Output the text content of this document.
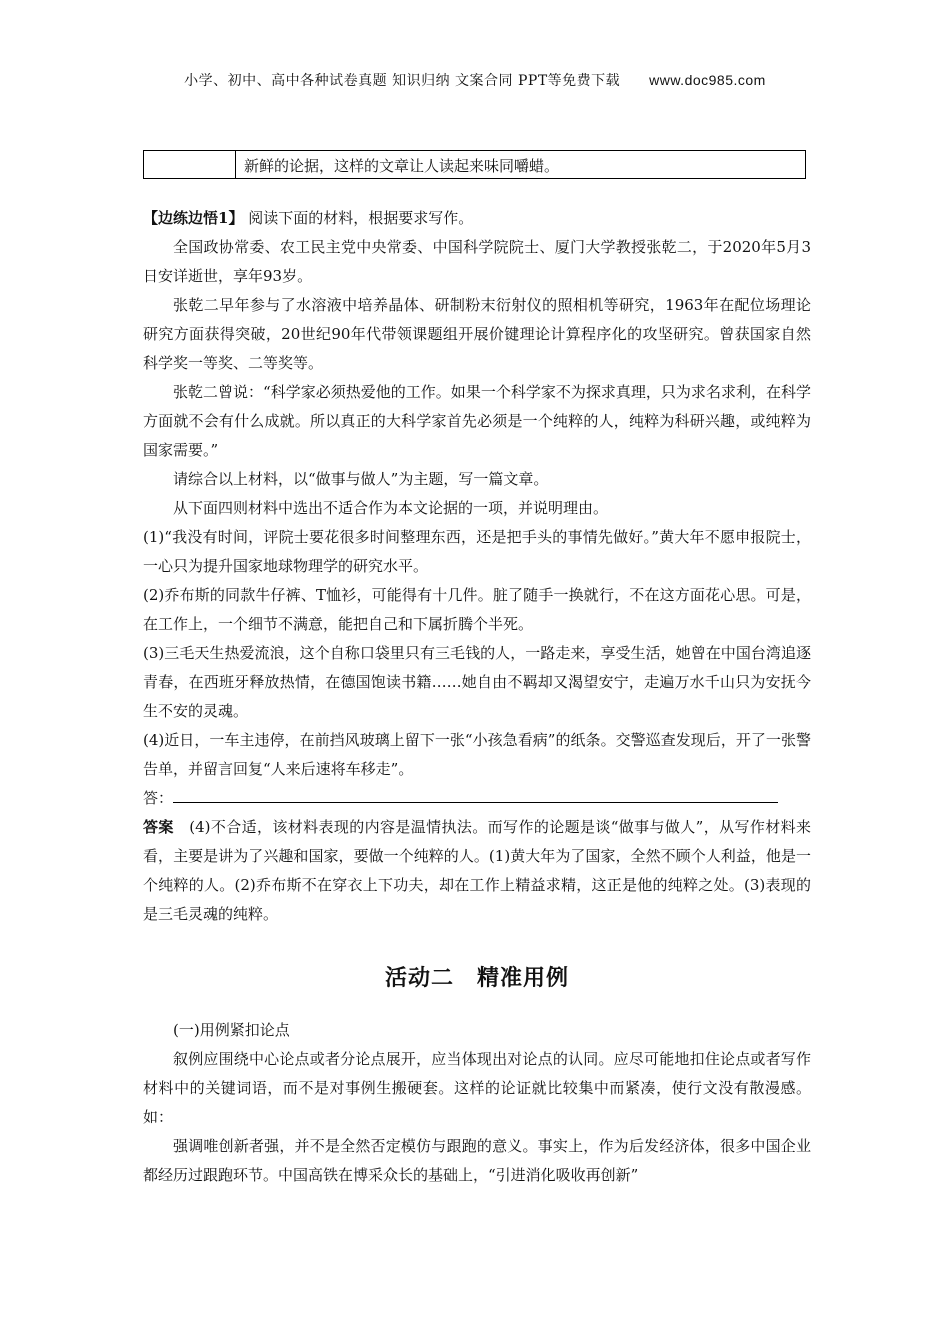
小学、初中、高中各种试卷真题 知识归纳 文案合同 PPT等免费下载 www.doc985.com
新鲜的论据，这样的文章让人读起来味同嚼蜡。

【边练边悟1】 阅读下面的材料，根据要求写作。

全国政协常委、农工民主党中央常委、中国科学院院士、厦门大学教授张乾二，于2020年5月3日安详逝世，享年93岁。

张乾二早年参与了水溶液中培养晶体、研制粉末衍射仪的照相机等研究，1963年在配位场理论研究方面获得突破，20世纪90年代带领课题组开展价键理论计算程序化的攻坚研究。曾获国家自然科学奖一等奖、二等奖等。

张乾二曾说：“科学家必须热爱他的工作。如果一个科学家不为探求真理，只为求名求利，在科学方面就不会有什么成就。所以真正的大科学家首先必须是一个纯粹的人，纯粹为科研兴趣，或纯粹为国家需要。”

请综合以上材料，以“做事与做人”为主题，写一篇文章。

从下面四则材料中选出不适合作为本文论据的一项，并说明理由。

(1)“我没有时间，评院士要花很多时间整理东西，还是把手头的事情先做好。”黄大年不愿申报院士，一心只为提升国家地球物理学的研究水平。

(2)乔布斯的同款牛仔裤、T恤衫，可能得有十几件。脏了随手一换就行，不在这方面花心思。可是，在工作上，一个细节不满意，能把自己和下属折腾个半死。

(3)三毛天生热爱流浪，这个自称口袋里只有三毛钱的人，一路走来，享受生活，她曾在中国台湾追逐青春，在西班牙释放热情，在德国饱读书籍……她自由不羁却又渴望安宁，走遍万水千山只为安抚今生不安的灵魂。

(4)近日，一车主违停，在前挡风玻璃上留下一张“小孩急看病”的纸条。交警巡查发现后，开了一张警告单，并留言回复“人来后速将车移走”。

答：

答案 (4)不合适，该材料表现的内容是温情执法。而写作的论题是谈“做事与做人”，从写作材料来看，主要是讲为了兴趣和国家，要做一个纯粹的人。(1)黄大年为了国家，全然不顾个人利益，他是一个纯粹的人。(2)乔布斯不在穿衣上下功夫，却在工作上精益求精，这正是他的纯粹之处。(3)表现的是三毛灵魂的纯粹。

活动二　精准用例

(一)用例紧扣论点

叙例应围绕中心论点或者分论点展开，应当体现出对论点的认同。应尽可能地扣住论点或者写作材料中的关键词语，而不是对事例生搬硬套。这样的论证就比较集中而紧凑，使行文没有散漫感。如：

强调唯创新者强，并不是全然否定模仿与跟跑的意义。事实上，作为后发经济体，很多中国企业都经历过跟跑环节。中国高铁在博采众长的基础上，“引进消化吸收再创新”
